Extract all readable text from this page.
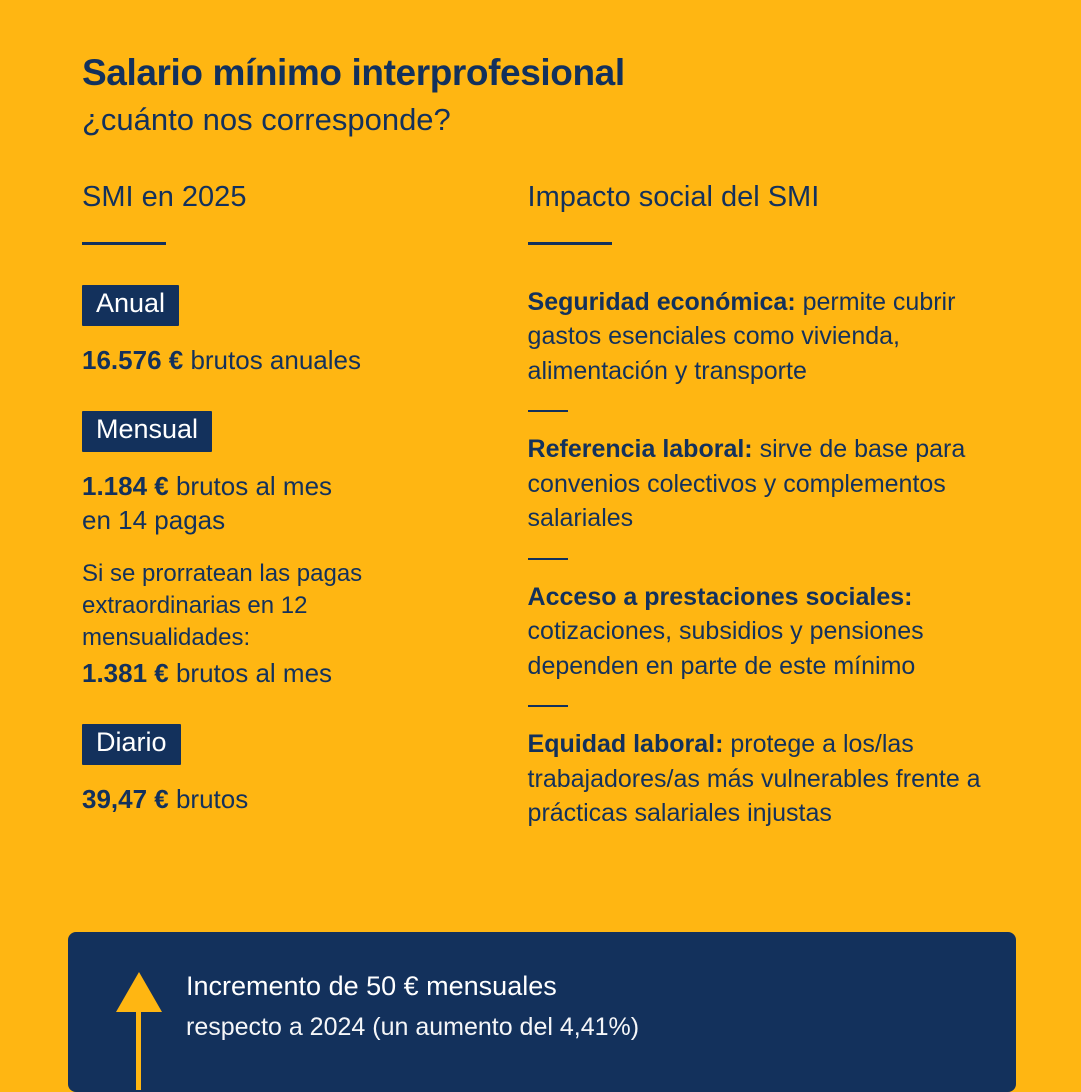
Salario mínimo interprofesional

¿cuánto nos corresponde?

SMI en 2025
Anual
16.576 € brutos anuales
Mensual
1.184 € brutos al mes
en 14 pagas
Si se prorratean las pagas extraordinarias en 12 mensualidades:
1.381 € brutos al mes
Diario
39,47 € brutos
Impacto social del SMI
Seguridad económica: permite cubrir gastos esenciales como vivienda, alimentación y transporte
Referencia laboral: sirve de base para convenios colectivos y complementos salariales
Acceso a prestaciones sociales: cotizaciones, subsidios y pensiones dependen en parte de este mínimo
Equidad laboral: protege a los/las trabajadores/as más vulnerables frente a prácticas salariales injustas

Incremento de 50 € mensuales

respecto a 2024 (un aumento del 4,41%)
